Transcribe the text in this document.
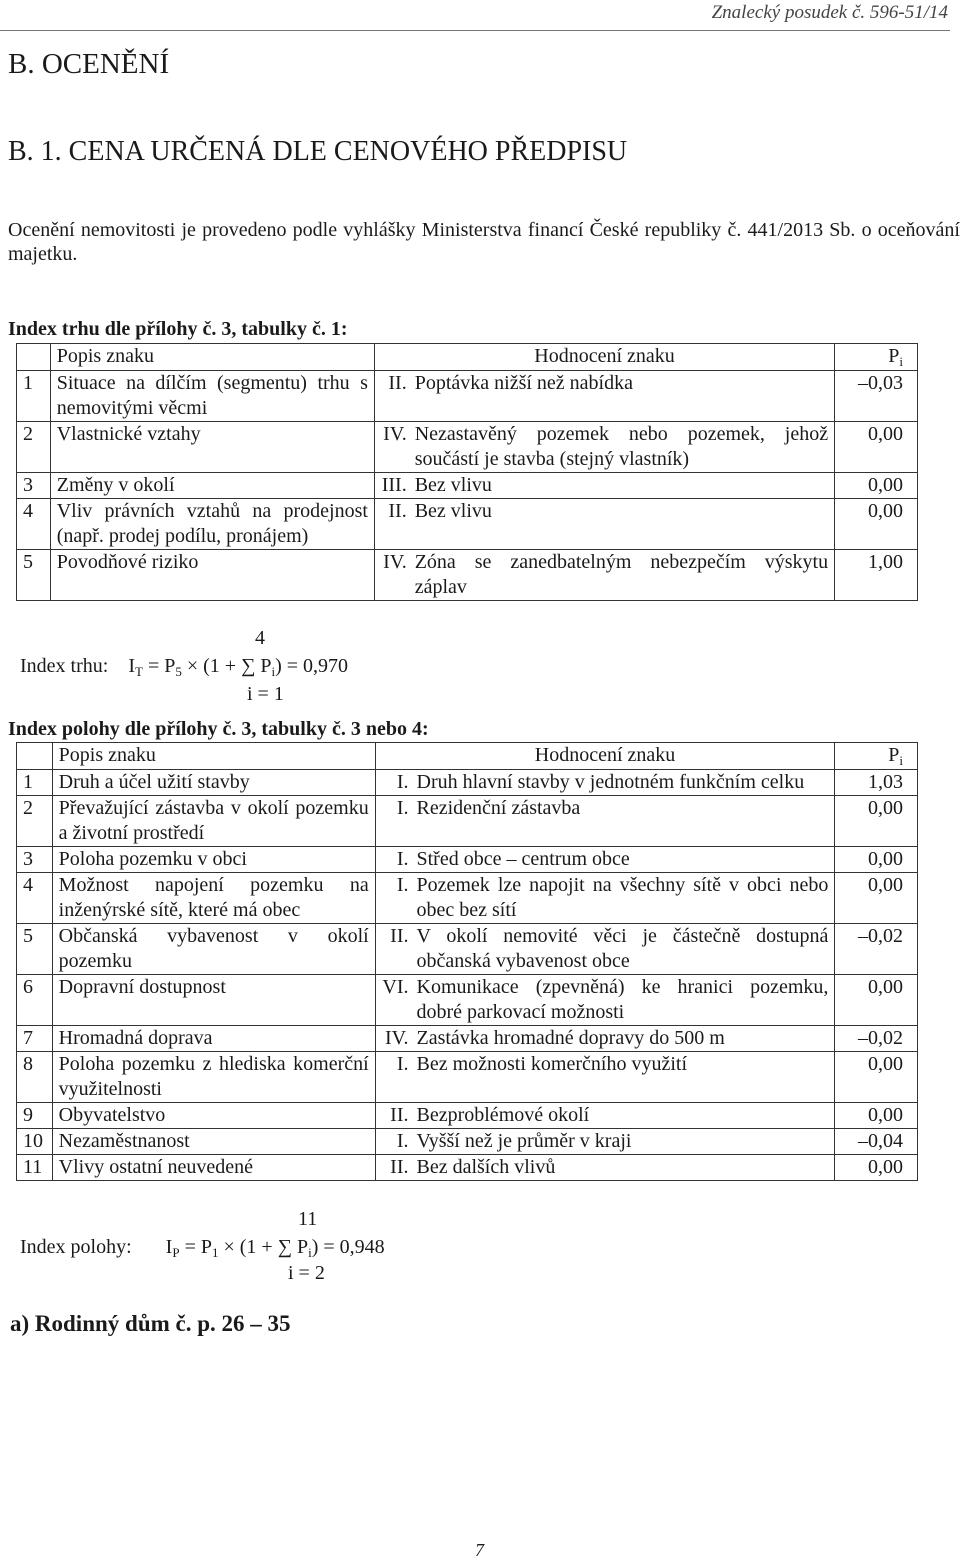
Znalecký posudek č. 596-51/14
B. OCENĚNÍ
B. 1. CENA URČENÁ DLE CENOVÉHO PŘEDPISU
Ocenění nemovitosti je provedeno podle vyhlášky Ministerstva financí České republiky č. 441/2013 Sb. o oceňování majetku.
Index trhu dle přílohy č. 3, tabulky č. 1:
	Popis znaku	Hodnocení znaku		$P_i$
1	Situace na dílčím (segmentu) trhu s nemovitými věcmi	II.	Poptávka nižší než nabídka	–0,03
2	Vlastnické vztahy	IV.	Nezastavěný pozemek nebo pozemek, jehož součástí je stavba (stejný vlastník)	0,00
3	Změny v okolí	III.	Bez vlivu	0,00
4	Vliv právních vztahů na prodejnost (např. prodej podílu, pronájem)	II.	Bez vlivu	0,00
5	Povodňové riziko	IV.	Zóna se zanedbatelným nebezpečím výskytu záplav	1,00
4
Index trhu: $I_T = P_5 \times (1$ + ∑ $P_i) = 0,970$
i = 1
Index polohy dle přílohy č. 3, tabulky č. 3 nebo 4:
	Popis znaku	Hodnocení znaku		$P_i$
1	Druh a účel užití stavby	I.	Druh hlavní stavby v jednotném funkčním celku	1,03
2	Převažující zástavba v okolí pozemku a životní prostředí	I.	Rezidenční zástavba	0,00
3	Poloha pozemku v obci	I.	Střed obce – centrum obce	0,00
4	Možnost napojení pozemku na inženýrské sítě, které má obec	I.	Pozemek lze napojit na všechny sítě v obci nebo obec bez sítí	0,00
5	Občanská vybavenost v okolí pozemku	II.	V okolí nemovité věci je částečně dostupná občanská vybavenost obce	–0,02
6	Dopravní dostupnost	VI.	Komunikace (zpevněná) ke hranici pozemku, dobré parkovací možnosti	0,00
7	Hromadná doprava	IV.	Zastávka hromadné dopravy do 500 m	–0,02
8	Poloha pozemku z hlediska komerční využitelnosti	I.	Bez možnosti komerčního využití	0,00
9	Obyvatelstvo	II.	Bezproblémové okolí	0,00
10	Nezaměstnanost	I.	Vyšší než je průměr v kraji	–0,04
11	Vlivy ostatní neuvedené	II.	Bez dalších vlivů	0,00
11
Index polohy: $I_P = P_1 \times (1$ + ∑ $P_i) = 0,948$
i = 2
a) Rodinný dům č. p. 26 – 35
7
